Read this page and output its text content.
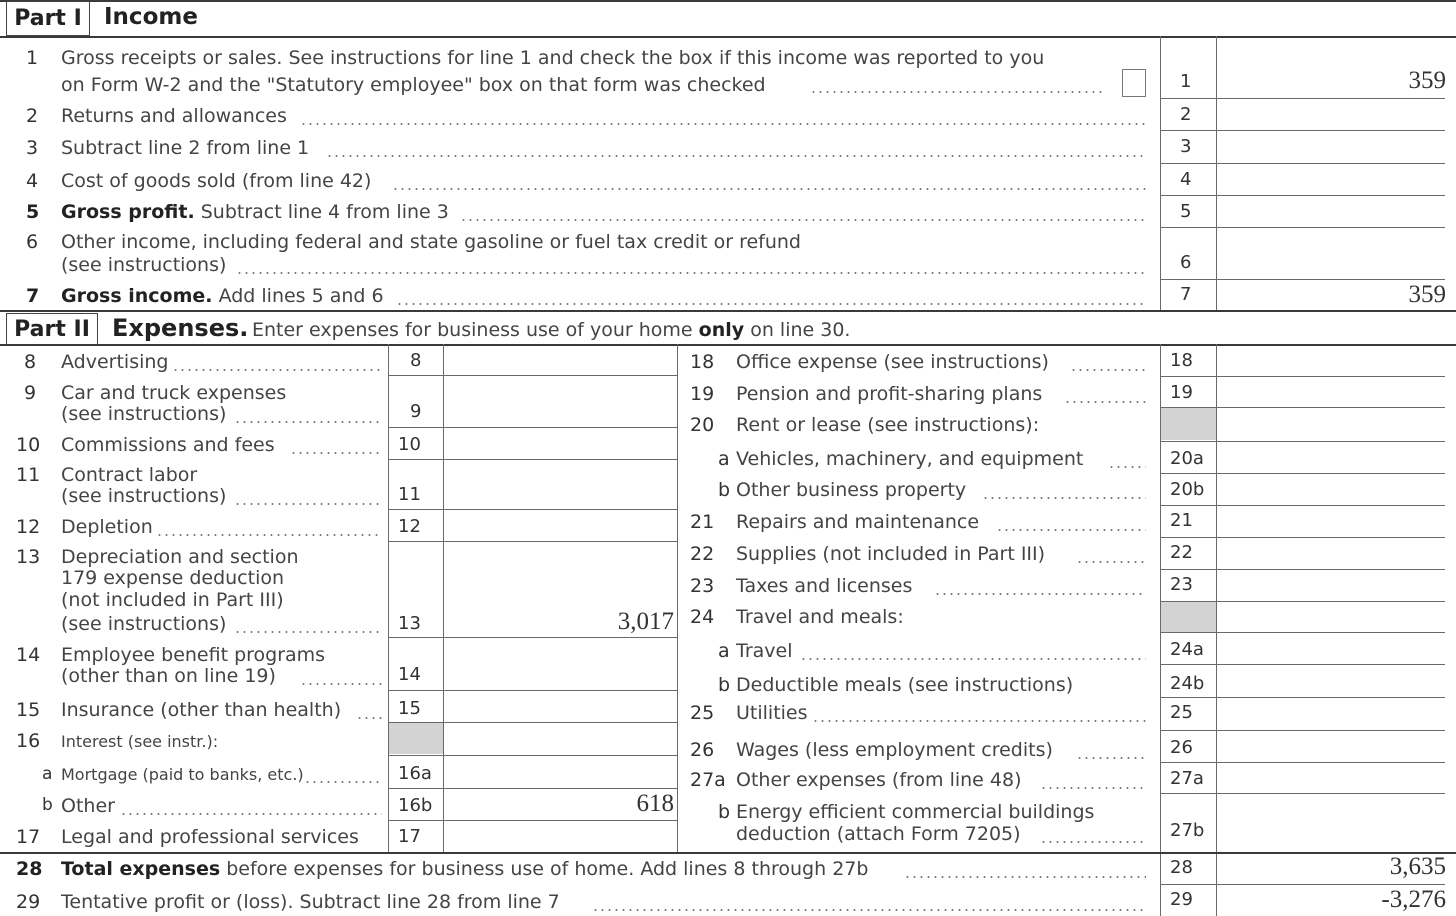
Part I Income
1 Gross receipts or sales. See instructions for line 1 and check the box if this income was reported to you
on Form W-2 and the "Statutory employee" box on that form was checked	1	359
2 Returns and allowances	2
3 Subtract line 2 from line 1	3
4 Cost of goods sold (from line 42)	4
5 Gross profit. Subtract line 4 from line 3	5
6 Other income, including federal and state gasoline or fuel tax credit or refund
(see instructions)	6
7 Gross income. Add lines 5 and 6	7	359
Part II Expenses. Enter expenses for business use of your home only on line 30.
8 Advertising	8
9 Car and truck expenses
(see instructions)	9
10 Commissions and fees	10
11 Contract labor
(see instructions)	11
12 Depletion	12
13 Depreciation and section
179 expense deduction
(not included in Part III)
(see instructions)	13	3,017
14 Employee benefit programs
(other than on line 19)	14
15 Insurance (other than health)	15
16 Interest (see instr.):
a Mortgage (paid to banks, etc.)	16a
b Other	16b	618
17 Legal and professional services 17
18 Office expense (see instructions)	18
19 Pension and profit-sharing plans	19
20 Rent or lease (see instructions):
a Vehicles, machinery, and equipment	20a
b Other business property	20b
21 Repairs and maintenance	21
22 Supplies (not included in Part III)	22
23 Taxes and licenses	23
24 Travel and meals:
a Travel	24a
b Deductible meals (see instructions)	24b
25 Utilities	25
26 Wages (less employment credits)	26
27a Other expenses (from line 48)	27a
b Energy efficient commercial buildings
deduction (attach Form 7205)	27b
28 Total expenses before expenses for business use of home. Add lines 8 through 27b	28	3,635
29 Tentative profit or (loss). Subtract line 28 from line 7	29	-3,276
